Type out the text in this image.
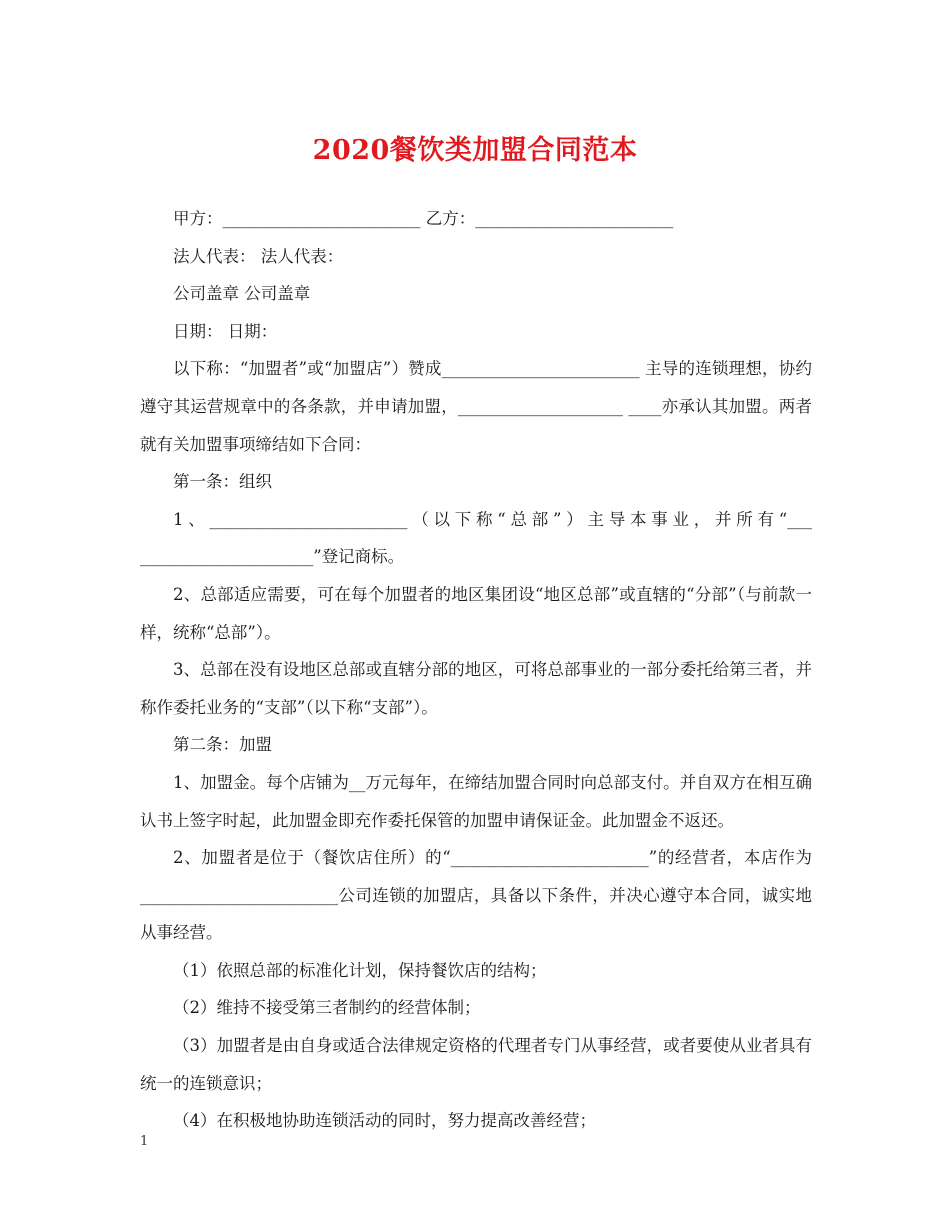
2020餐饮类加盟合同范本

甲方：________________________ 乙方：________________________

法人代表： 法人代表：

公司盖章 公司盖章

日期： 日期：

以下称：“加盟者”或“加盟店”）赞成________________________ 主导的连锁理想，协约遵守其运营规章中的各条款，并申请加盟，____________________ ____亦承认其加盟。两者就有关加盟事项缔结如下合同：

第一条：组织

1、________________________（以下称“总部”）主导本事业，并所有“___ _____________________”登记商标。

2、总部适应需要，可在每个加盟者的地区集团设“地区总部”或直辖的“分部”（与前款一样，统称“总部”）。

3、总部在没有设地区总部或直辖分部的地区，可将总部事业的一部分委托给第三者，并称作委托业务的“支部”（以下称“支部”）。

第二条：加盟

1、加盟金。每个店铺为__万元每年，在缔结加盟合同时向总部支付。并自双方在相互确认书上签字时起，此加盟金即充作委托保管的加盟申请保证金。此加盟金不返还。

2、加盟者是位于（餐饮店住所）的“________________________”的经营者，本店作为________________________公司连锁的加盟店，具备以下条件，并决心遵守本合同，诚实地从事经营。

（1）依照总部的标准化计划，保持餐饮店的结构；

（2）维持不接受第三者制约的经营体制；

（3）加盟者是由自身或适合法律规定资格的代理者专门从事经营，或者要使从业者具有统一的连锁意识；

（4）在积极地协助连锁活动的同时，努力提高改善经营；

1
